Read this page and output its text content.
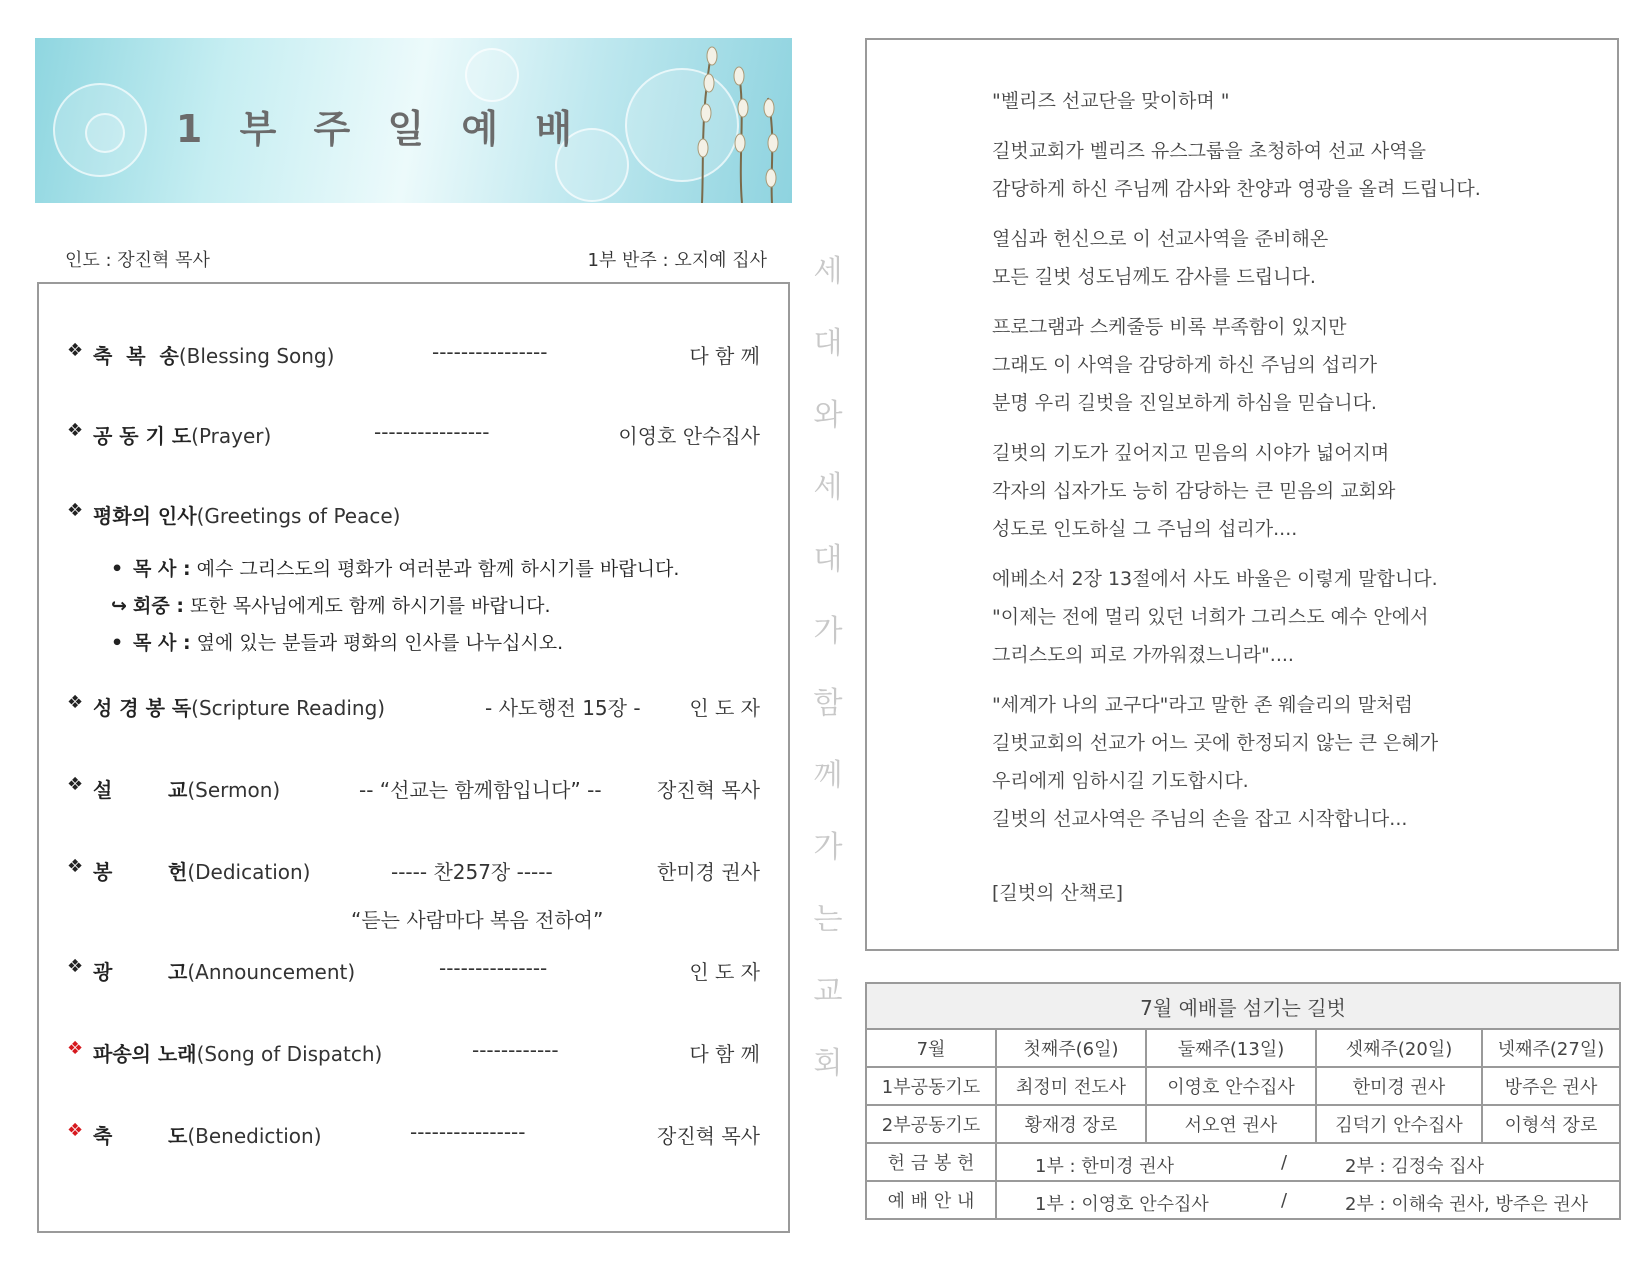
1 부 주 일 예 배
인도 : 장진혁 목사	1부 반주 : 오지예 집사
❖ 축  복  송(Blessing Song)	----------------	다 함 께
❖ 공 동 기 도(Prayer)	----------------	이영호 안수집사
❖ 평화의 인사(Greetings of Peace)
• 목 사 : 예수 그리스도의 평화가 여러분과 함께 하시기를 바랍니다.
↪ 회중 : 또한 목사님에게도 함께 하시기를 바랍니다.
• 목 사 : 옆에 있는 분들과 평화의 인사를 나누십시오.
❖ 성 경 봉 독(Scripture Reading)	- 사도행전 15장 - 인 도 자
❖ 설        교(Sermon)	-- “선교는 함께함입니다” --	장진혁 목사
❖ 봉        헌(Dedication)	----- 찬257장 -----	한미경 권사
“듣는 사람마다 복음 전하여”
❖ 광        고(Announcement)	---------------	인 도 자
❖ 파송의 노래(Song of Dispatch)	------------	다 함 께
❖ 축        도(Benediction)	----------------	장진혁 목사
세
대
와
세
대
가
함
께
가
는
교
회
"벨리즈 선교단을 맞이하며 "
길벗교회가 벨리즈 유스그룹을 초청하여 선교 사역을
감당하게 하신 주님께 감사와 찬양과 영광을 올려 드립니다.
열심과 헌신으로 이 선교사역을 준비해온
모든 길벗 성도님께도 감사를 드립니다.
프로그램과 스케줄등 비록 부족함이 있지만
그래도 이 사역을 감당하게 하신 주님의 섭리가
분명 우리 길벗을 진일보하게 하심을 믿습니다.
길벗의 기도가 깊어지고 믿음의 시야가 넓어지며
각자의 십자가도 능히 감당하는 큰 믿음의 교회와
성도로 인도하실 그 주님의 섭리가....
에베소서 2장 13절에서 사도 바울은 이렇게 말합니다.
"이제는 전에 멀리 있던 너희가 그리스도 예수 안에서
그리스도의 피로 가까워졌느니라"....
"세계가 나의 교구다"라고 말한 존 웨슬리의 말처럼
길벗교회의 선교가 어느 곳에 한정되지 않는 큰 은혜가
우리에게 임하시길 기도합시다.
길벗의 선교사역은 주님의 손을 잡고 시작합니다...
[길벗의 산책로]
7월 예배를 섬기는 길벗				
7월	첫째주(6일)	둘째주(13일)	셋째주(20일)	넷째주(27일)
1부공동기도	최정미 전도사	이영호 안수집사	한미경 권사	방주은 권사
2부공동기도	황재경 장로	서오연 권사	김덕기 안수집사	이형석 장로
헌 금 봉 헌	1부 : 한미경 권사 / 2부 : 김정숙 집사			

예 배 안 내	1부 : 이영호 안수집사 / 2부 : 이해숙 권사, 방주은 권사			
